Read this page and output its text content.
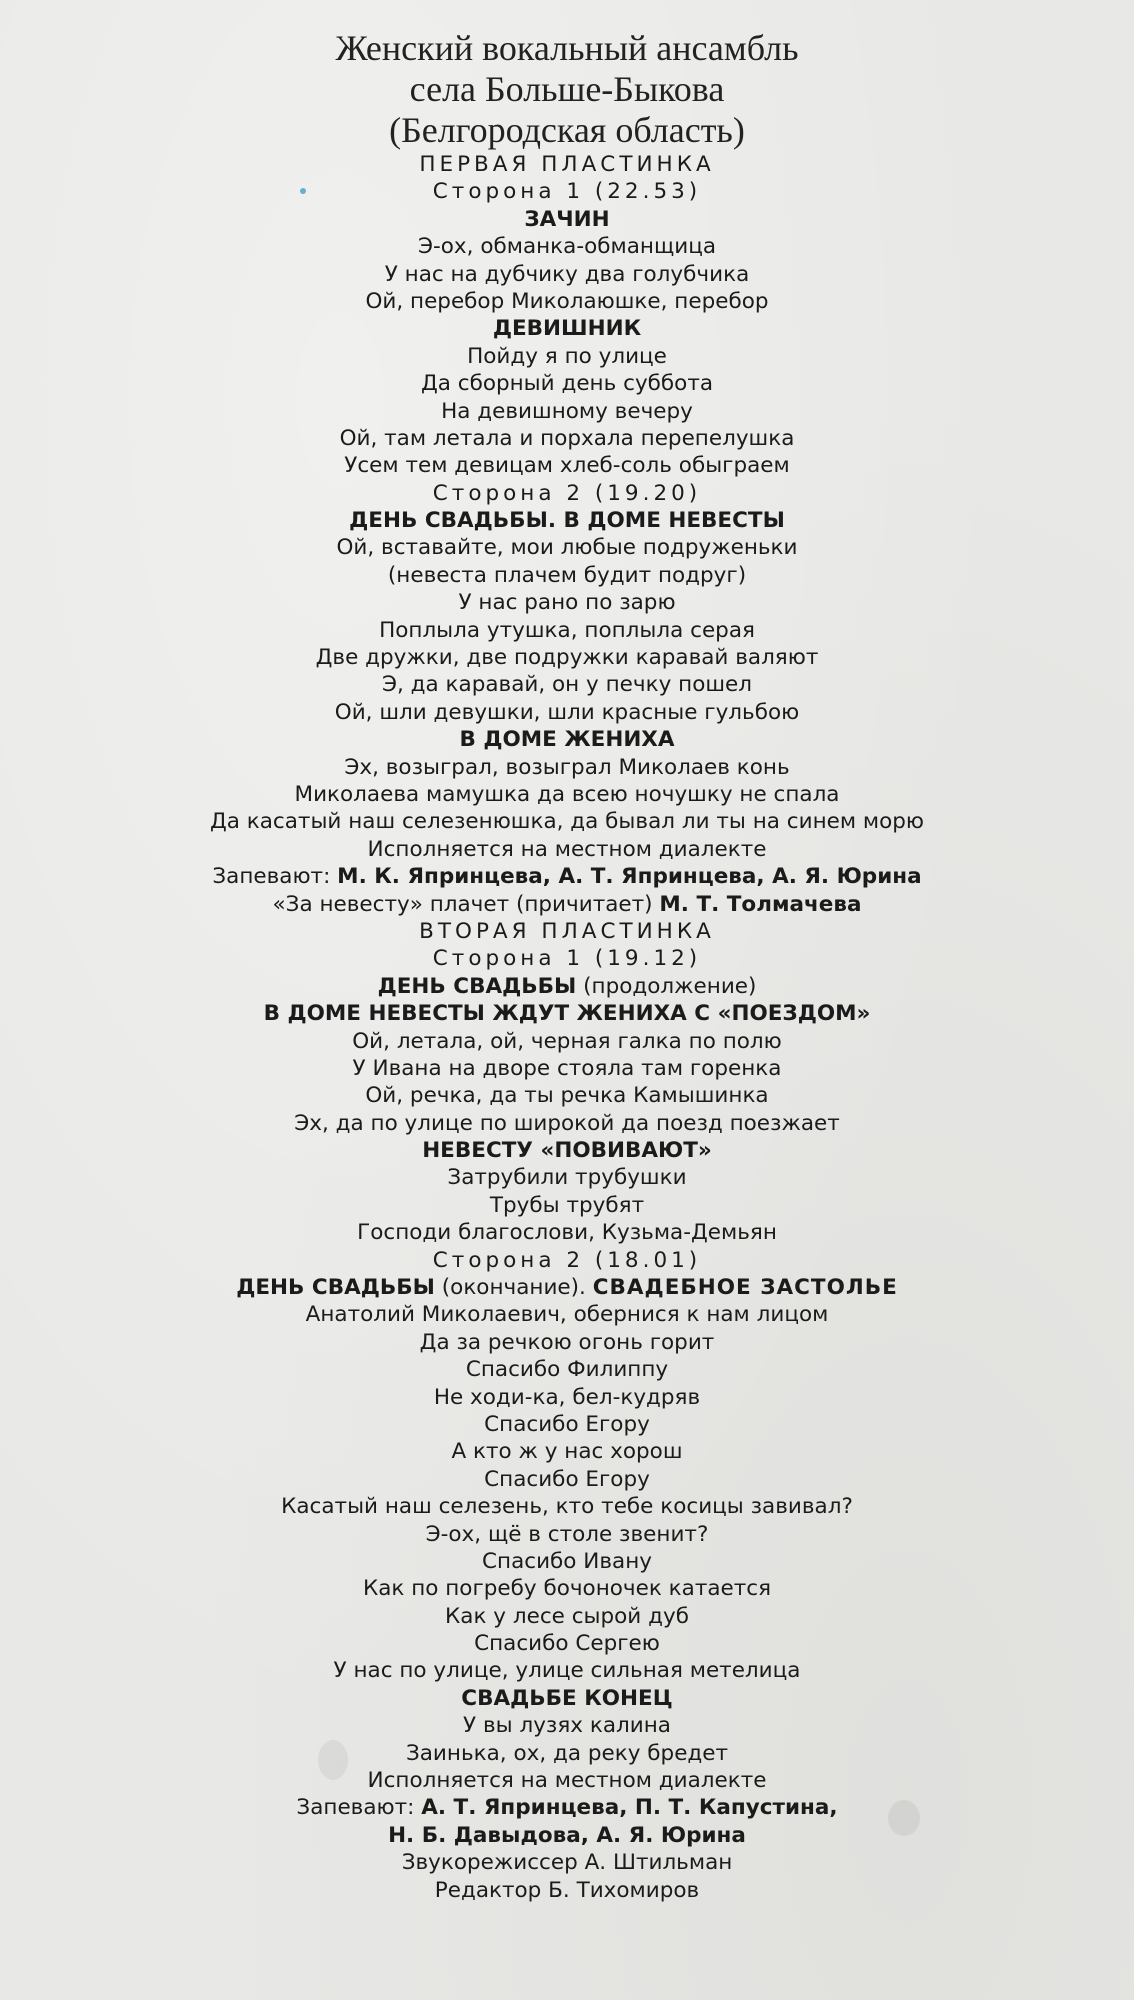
Женский вокальный ансамбль
села Больше-Быкова
(Белгородская область)
ПЕРВАЯ ПЛАСТИНКА
Сторона 1 (22.53)
ЗАЧИН
Э-ох, обманка-обманщица
У нас на дубчику два голубчика
Ой, перебор Миколаюшке, перебор
ДЕВИШНИК
Пойду я по улице
Да сборный день суббота
На девишному вечеру
Ой, там летала и порхала перепелушка
Усем тем девицам хлеб-соль обыграем
Сторона 2 (19.20)
ДЕНЬ СВАДЬБЫ. В ДОМЕ НЕВЕСТЫ
Ой, вставайте, мои любые подруженьки
(невеста плачем будит подруг)
У нас рано по зарю
Поплыла утушка, поплыла серая
Две дружки, две подружки каравай валяют
Э, да каравай, он у печку пошел
Ой, шли девушки, шли красные гульбою
В ДОМЕ ЖЕНИХА
Эх, возыграл, возыграл Миколаев конь
Миколаева мамушка да всею ночушку не спала
Да касатый наш селезенюшка, да бывал ли ты на синем морю
Исполняется на местном диалекте
Запевают: М. К. Япринцева, А. Т. Япринцева, А. Я. Юрина
«За невесту» плачет (причитает) М. Т. Толмачева
ВТОРАЯ ПЛАСТИНКА
Сторона 1 (19.12)
ДЕНЬ СВАДЬБЫ (продолжение)
В ДОМЕ НЕВЕСТЫ ЖДУТ ЖЕНИХА С «ПОЕЗДОМ»
Ой, летала, ой, черная галка по полю
У Ивана на дворе стояла там горенка
Ой, речка, да ты речка Камышинка
Эх, да по улице по широкой да поезд поезжает
НЕВЕСТУ «ПОВИВАЮТ»
Затрубили трубушки
Трубы трубят
Господи благослови, Кузьма-Демьян
Сторона 2 (18.01)
ДЕНЬ СВАДЬБЫ (окончание). СВАДЕБНОЕ ЗАСТОЛЬЕ
Анатолий Миколаевич, обернися к нам лицом
Да за речкою огонь горит
Спасибо Филиппу
Не ходи-ка, бел-кудряв
Спасибо Егору
А кто ж у нас хорош
Спасибо Егору
Касатый наш селезень, кто тебе косицы завивал?
Э-ох, щё в столе звенит?
Спасибо Ивану
Как по погребу бочоночек катается
Как у лесе сырой дуб
Спасибо Сергею
У нас по улице, улице сильная метелица
СВАДЬБЕ КОНЕЦ
У вы лузях калина
Заинька, ох, да реку бредет
Исполняется на местном диалекте
Запевают: А. Т. Япринцева, П. Т. Капустина,
Н. Б. Давыдова, А. Я. Юрина
Звукорежиссер А. Штильман
Редактор Б. Тихомиров
